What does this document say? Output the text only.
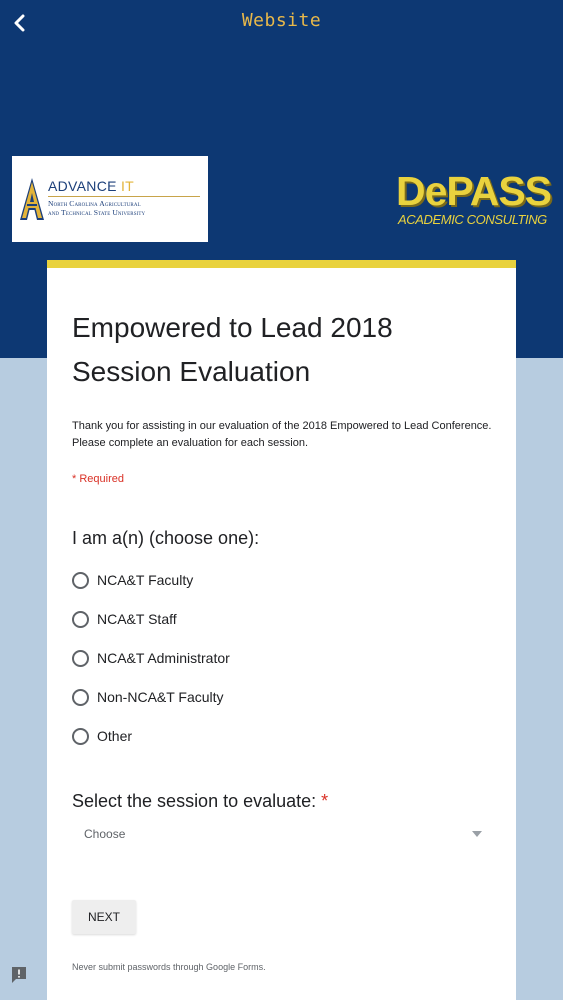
Website
ADVANCE IT
North Carolina Agricultural
and Technical State University	DePASS
ACADEMIC CONSULTING
Empowered to Lead 2018 Session Evaluation
Thank you for assisting in our evaluation of the 2018 Empowered to Lead Conference. Please complete an evaluation for each session.
* Required
I am a(n) (choose one):
NCA&T Faculty
NCA&T Staff
NCA&T Administrator
Non-NCA&T Faculty
Other
Select the session to evaluate: *
Choose
NEXT
Never submit passwords through Google Forms.
